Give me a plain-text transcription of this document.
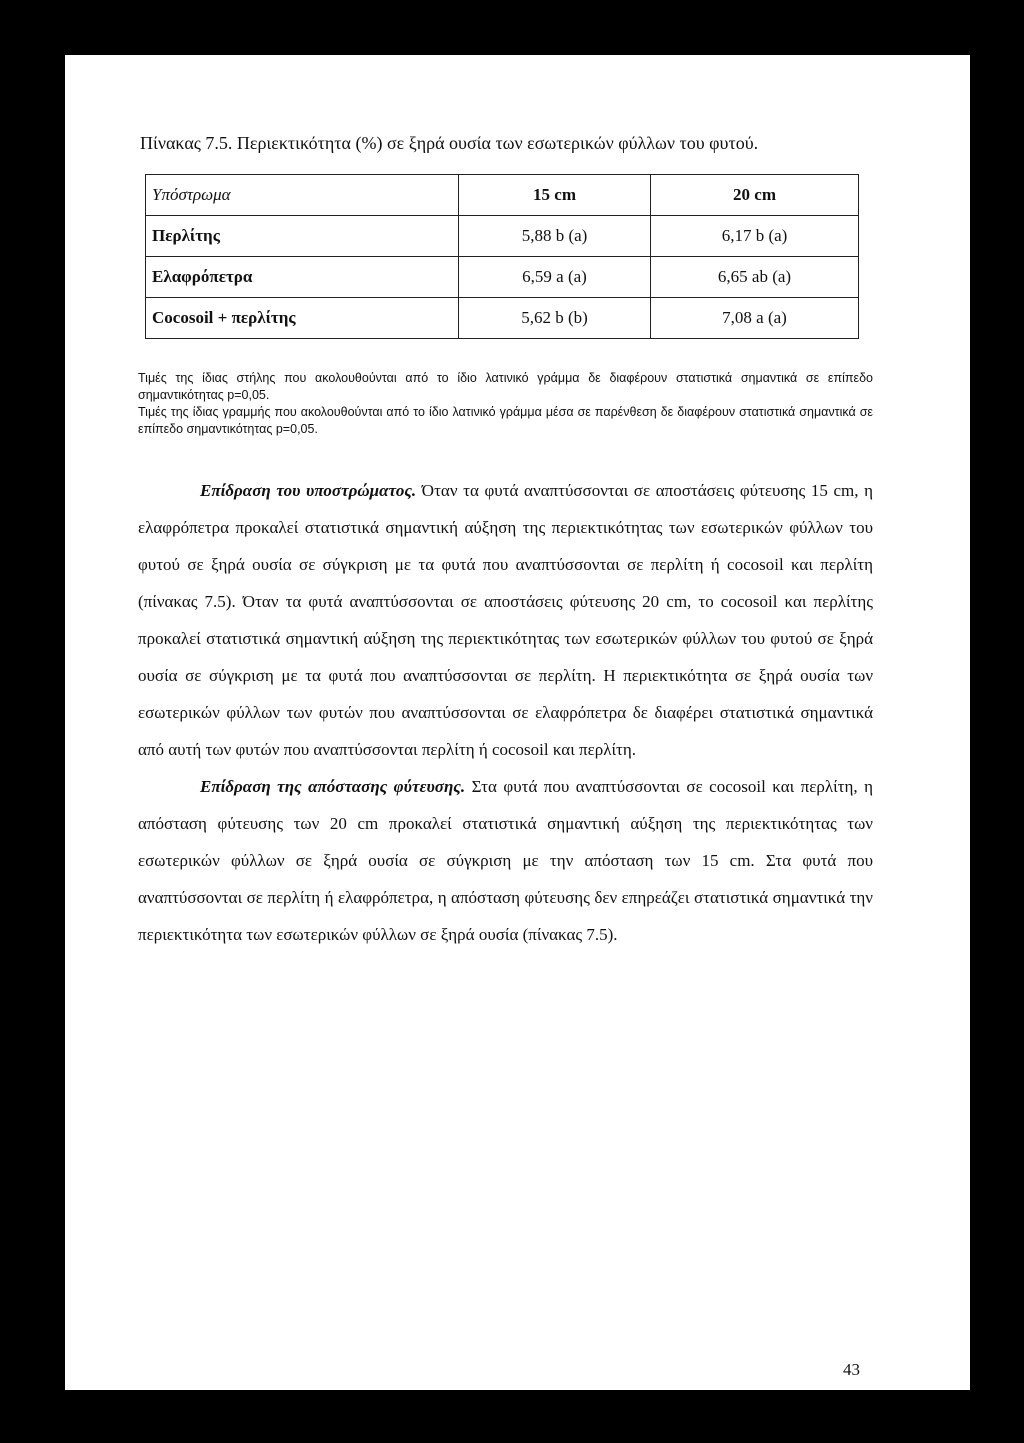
Πίνακας 7.5. Περιεκτικότητα (%) σε ξηρά ουσία των εσωτερικών φύλλων του φυτού.
Υπόστρωμα	15 cm	20 cm
Περλίτης	5,88 b (a)	6,17 b (a)
Ελαφρόπετρα	6,59 a (a)	6,65 ab (a)
Cocosoil + περλίτης	5,62 b (b)	7,08 a (a)

Τιμές της ίδιας στήλης που ακολουθούνται από το ίδιο λατινικό γράμμα δε διαφέρουν στατιστικά σημαντικά σε επίπεδο σημαντικότητας p=0,05.

Τιμές της ίδιας γραμμής που ακολουθούνται από το ίδιο λατινικό γράμμα μέσα σε παρένθεση δε διαφέρουν στατιστικά σημαντικά σε επίπεδο σημαντικότητας p=0,05.

Επίδραση του υποστρώματος. Όταν τα φυτά αναπτύσσονται σε αποστάσεις φύτευσης 15 cm, η ελαφρόπετρα προκαλεί στατιστικά σημαντική αύξηση της περιεκτικότητας των εσωτερικών φύλλων του φυτού σε ξηρά ουσία σε σύγκριση με τα φυτά που αναπτύσσονται σε περλίτη ή cocosoil και περλίτη (πίνακας 7.5). Όταν τα φυτά αναπτύσσονται σε αποστάσεις φύτευσης 20 cm, το cocosoil και περλίτης προκαλεί στατιστικά σημαντική αύξηση της περιεκτικότητας των εσωτερικών φύλλων του φυτού σε ξηρά ουσία σε σύγκριση με τα φυτά που αναπτύσσονται σε περλίτη. Η περιεκτικότητα σε ξηρά ουσία των εσωτερικών φύλλων των φυτών που αναπτύσσονται σε ελαφρόπετρα δε διαφέρει στατιστικά σημαντικά από αυτή των φυτών που αναπτύσσονται περλίτη ή cocosoil και περλίτη.

Επίδραση της απόστασης φύτευσης. Στα φυτά που αναπτύσσονται σε cocosoil και περλίτη, η απόσταση φύτευσης των 20 cm προκαλεί στατιστικά σημαντική αύξηση της περιεκτικότητας των εσωτερικών φύλλων σε ξηρά ουσία σε σύγκριση με την απόσταση των 15 cm. Στα φυτά που αναπτύσσονται σε περλίτη ή ελαφρόπετρα, η απόσταση φύτευσης δεν επηρεάζει στατιστικά σημαντικά την περιεκτικότητα των εσωτερικών φύλλων σε ξηρά ουσία (πίνακας 7.5).

43
